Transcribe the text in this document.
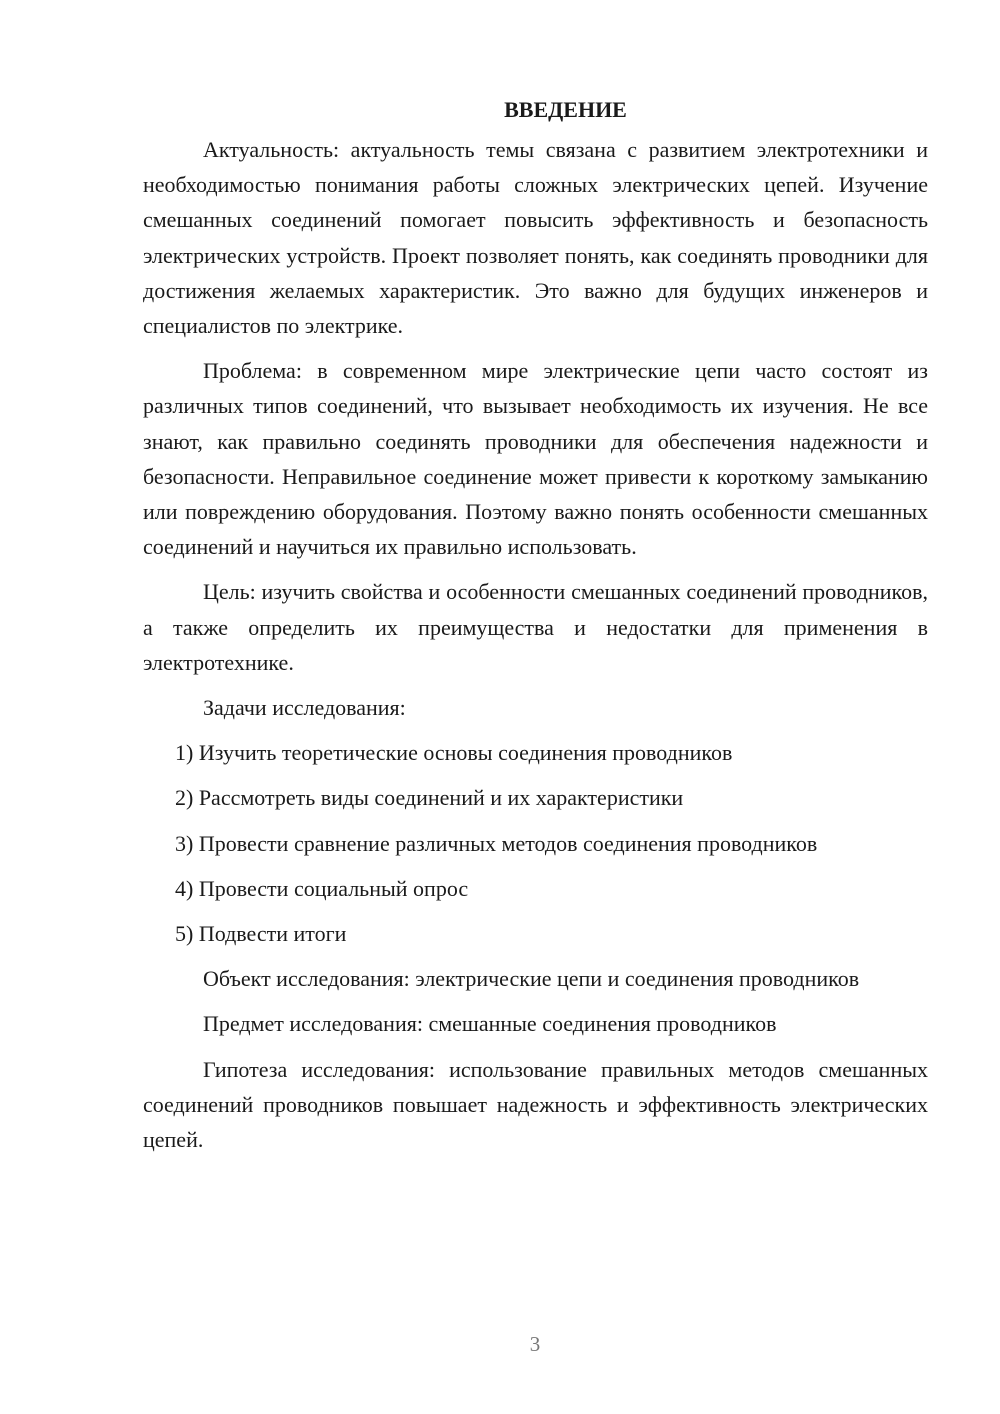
ВВЕДЕНИЕ

Актуальность: актуальность темы связана с развитием электротехники и необходимостью понимания работы сложных электрических цепей. Изучение смешанных соединений помогает повысить эффективность и безопасность электрических устройств. Проект позволяет понять, как соединять проводники для достижения желаемых характеристик. Это важно для будущих инженеров и специалистов по электрике.

Проблема: в современном мире электрические цепи часто состоят из различных типов соединений, что вызывает необходимость их изучения. Не все знают, как правильно соединять проводники для обеспечения надежности и безопасности. Неправильное соединение может привести к короткому замыканию или повреждению оборудования. Поэтому важно понять особенности смешанных соединений и научиться их правильно использовать.

Цель: изучить свойства и особенности смешанных соединений проводников, а также определить их преимущества и недостатки для применения в электротехнике.

Задачи исследования:

1) Изучить теоретические основы соединения проводников
2) Рассмотреть виды соединений и их характеристики
3) Провести сравнение различных методов соединения проводников
4) Провести социальный опрос
5) Подвести итоги

Объект исследования: электрические цепи и соединения проводников

Предмет исследования: смешанные соединения проводников

Гипотеза исследования: использование правильных методов смешанных соединений проводников повышает надежность и эффективность электрических цепей.

3
